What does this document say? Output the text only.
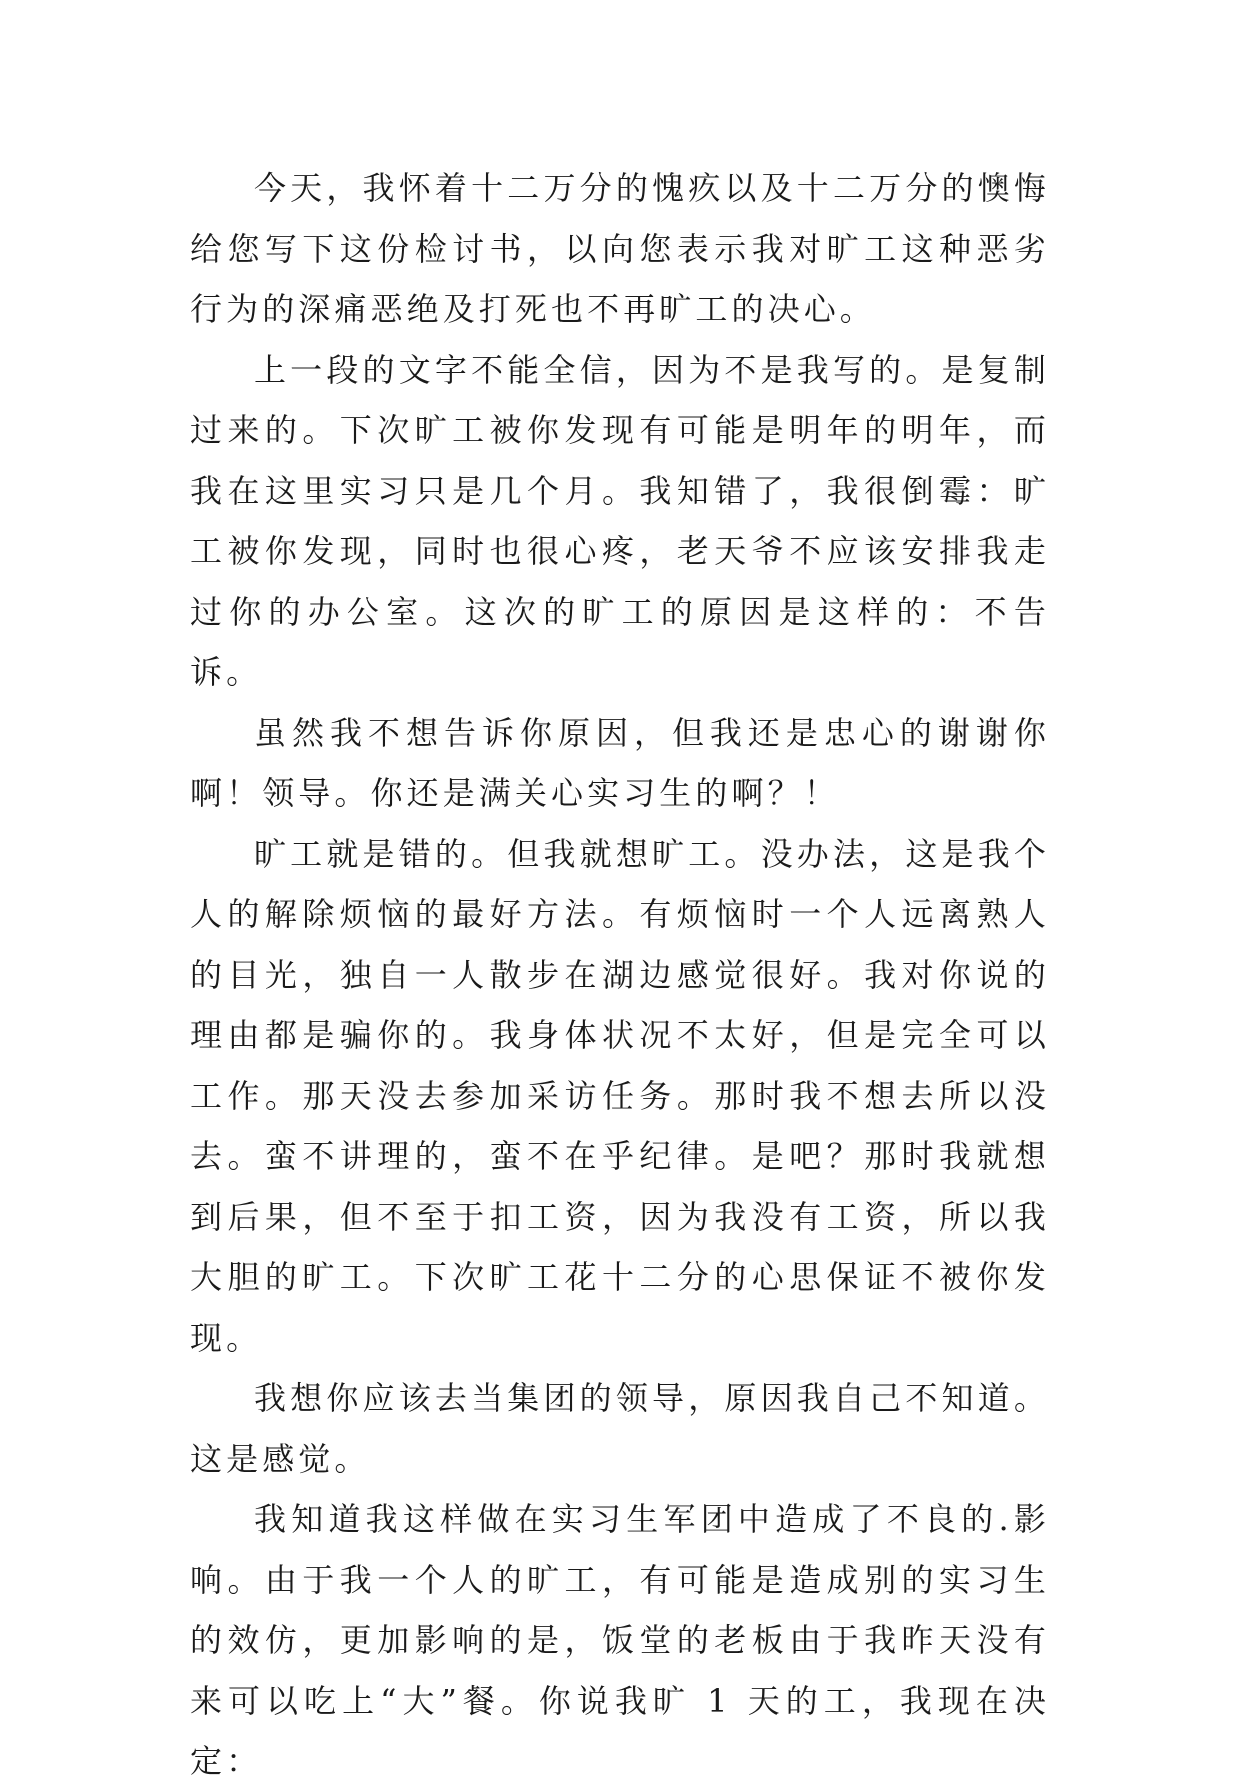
今天，我怀着十二万分的愧疚以及十二万分的懊悔给您写下这份检讨书，以向您表示我对旷工这种恶劣行为的深痛恶绝及打死也不再旷工的决心。

上一段的文字不能全信，因为不是我写的。是复制过来的。下次旷工被你发现有可能是明年的明年，而我在这里实习只是几个月。我知错了，我很倒霉：旷工被你发现，同时也很心疼，老天爷不应该安排我走过你的办公室。这次的旷工的原因是这样的：不告诉。

虽然我不想告诉你原因，但我还是忠心的谢谢你啊！领导。你还是满关心实习生的啊？！

旷工就是错的。但我就想旷工。没办法，这是我个人的解除烦恼的最好方法。有烦恼时一个人远离熟人的目光，独自一人散步在湖边感觉很好。我对你说的理由都是骗你的。我身体状况不太好，但是完全可以工作。那天没去参加采访任务。那时我不想去所以没去。蛮不讲理的，蛮不在乎纪律。是吧？那时我就想到后果，但不至于扣工资，因为我没有工资，所以我大胆的旷工。下次旷工花十二分的心思保证不被你发现。

我想你应该去当集团的领导，原因我自己不知道。这是感觉。

我知道我这样做在实习生军团中造成了不良的.影响。由于我一个人的旷工，有可能是造成别的实习生的效仿，更加影响的是，饭堂的老板由于我昨天没有来可以吃上“大”餐。你说我旷 1 天的工，我现在决定：
